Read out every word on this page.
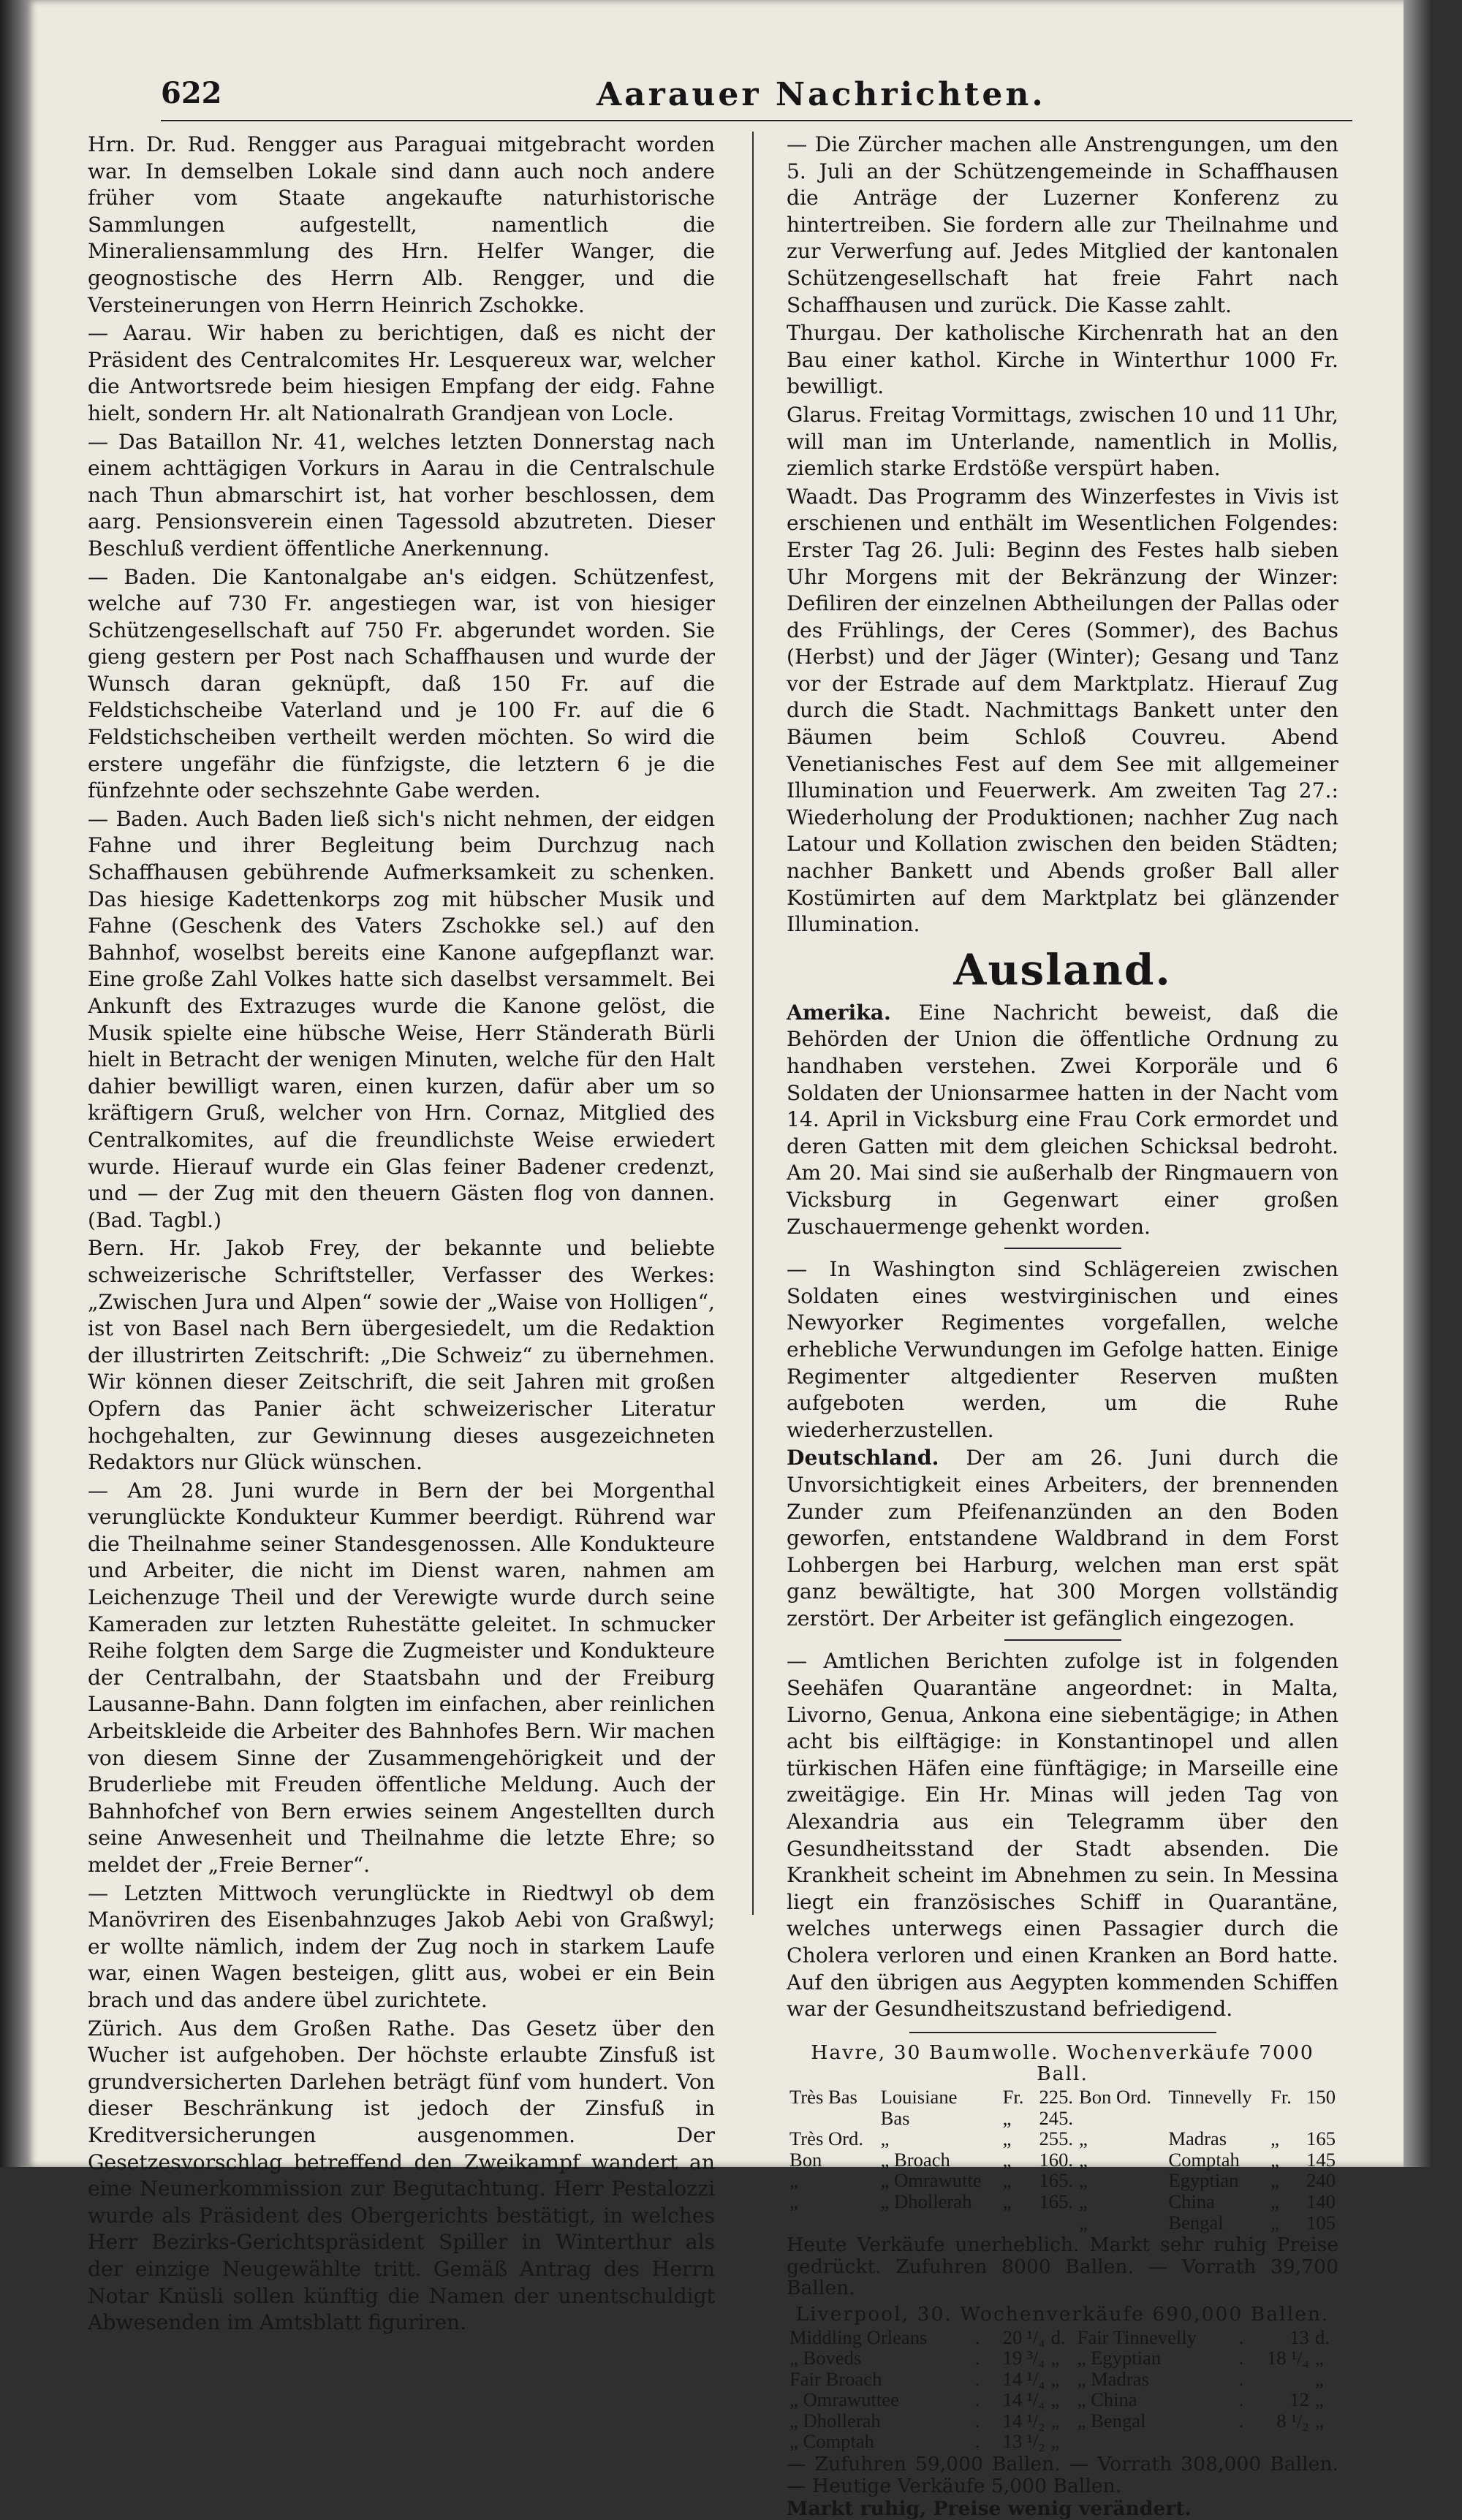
622	Aarauer Nachrichten.

Hrn. Dr. Rud. Rengger aus Paraguai mitgebracht worden war. In demselben Lokale sind dann auch noch andere früher vom Staate angekaufte naturhistorische Sammlungen aufgestellt, namentlich die Mineraliensammlung des Hrn. Helfer Wanger, die geognostische des Herrn Alb. Rengger, und die Versteinerungen von Herrn Heinrich Zschokke.

— Aarau. Wir haben zu berichtigen, daß es nicht der Präsident des Centralcomites Hr. Lesquereux war, welcher die Antwortsrede beim hiesigen Empfang der eidg. Fahne hielt, sondern Hr. alt Nationalrath Grandjean von Locle.

— Das Bataillon Nr. 41, welches letzten Donnerstag nach einem achttägigen Vorkurs in Aarau in die Centralschule nach Thun abmarschirt ist, hat vorher beschlossen, dem aarg. Pensionsverein einen Tagessold abzutreten. Dieser Beschluß verdient öffentliche Anerkennung.

— Baden. Die Kantonalgabe an's eidgen. Schützenfest, welche auf 730 Fr. angestiegen war, ist von hiesiger Schützengesellschaft auf 750 Fr. abgerundet worden. Sie gieng gestern per Post nach Schaffhausen und wurde der Wunsch daran geknüpft, daß 150 Fr. auf die Feldstichscheibe Vaterland und je 100 Fr. auf die 6 Feldstichscheiben vertheilt werden möchten. So wird die erstere ungefähr die fünfzigste, die letztern 6 je die fünfzehnte oder sechszehnte Gabe werden.

— Baden. Auch Baden ließ sich's nicht nehmen, der eidgen Fahne und ihrer Begleitung beim Durchzug nach Schaffhausen gebührende Aufmerksamkeit zu schenken. Das hiesige Kadettenkorps zog mit hübscher Musik und Fahne (Geschenk des Vaters Zschokke sel.) auf den Bahnhof, woselbst bereits eine Kanone aufgepflanzt war. Eine große Zahl Volkes hatte sich daselbst versammelt. Bei Ankunft des Extrazuges wurde die Kanone gelöst, die Musik spielte eine hübsche Weise, Herr Ständerath Bürli hielt in Betracht der wenigen Minuten, welche für den Halt dahier bewilligt waren, einen kurzen, dafür aber um so kräftigern Gruß, welcher von Hrn. Cornaz, Mitglied des Centralkomites, auf die freundlichste Weise erwiedert wurde. Hierauf wurde ein Glas feiner Badener credenzt, und — der Zug mit den theuern Gästen flog von dannen. (Bad. Tagbl.)

Bern. Hr. Jakob Frey, der bekannte und beliebte schweizerische Schriftsteller, Verfasser des Werkes: „Zwischen Jura und Alpen“ sowie der „Waise von Holligen“, ist von Basel nach Bern übergesiedelt, um die Redaktion der illustrirten Zeitschrift: „Die Schweiz“ zu übernehmen. Wir können dieser Zeitschrift, die seit Jahren mit großen Opfern das Panier ächt schweizerischer Literatur hochgehalten, zur Gewinnung dieses ausgezeichneten Redaktors nur Glück wünschen.

— Am 28. Juni wurde in Bern der bei Morgenthal verunglückte Kondukteur Kummer beerdigt. Rührend war die Theilnahme seiner Standesgenossen. Alle Kondukteure und Arbeiter, die nicht im Dienst waren, nahmen am Leichenzuge Theil und der Verewigte wurde durch seine Kameraden zur letzten Ruhestätte geleitet. In schmucker Reihe folgten dem Sarge die Zugmeister und Kondukteure der Centralbahn, der Staatsbahn und der Freiburg Lausanne-Bahn. Dann folgten im einfachen, aber reinlichen Arbeitskleide die Arbeiter des Bahnhofes Bern. Wir machen von diesem Sinne der Zusammengehörigkeit und der Bruderliebe mit Freuden öffentliche Meldung. Auch der Bahnhofchef von Bern erwies seinem Angestellten durch seine Anwesenheit und Theilnahme die letzte Ehre; so meldet der „Freie Berner“.

— Letzten Mittwoch verunglückte in Riedtwyl ob dem Manövriren des Eisenbahnzuges Jakob Aebi von Graßwyl; er wollte nämlich, indem der Zug noch in starkem Laufe war, einen Wagen besteigen, glitt aus, wobei er ein Bein brach und das andere übel zurichtete.

Zürich. Aus dem Großen Rathe. Das Gesetz über den Wucher ist aufgehoben. Der höchste erlaubte Zinsfuß ist grundversicherten Darlehen beträgt fünf vom hundert. Von dieser Beschränkung ist jedoch der Zinsfuß in Kreditversicherungen ausgenommen. Der Gesetzesvorschlag betreffend den Zweikampf wandert an eine Neunerkommission zur Begutachtung. Herr Pestalozzi wurde als Präsident des Obergerichts bestätigt, in welches Herr Bezirks-Gerichtspräsident Spiller in Winterthur als der einzige Neugewählte tritt. Gemäß Antrag des Herrn Notar Knüsli sollen künftig die Namen der unentschuldigt Abwesenden im Amtsblatt figuriren.

— Die Zürcher machen alle Anstrengungen, um den 5. Juli an der Schützengemeinde in Schaffhausen die Anträge der Luzerner Konferenz zu hintertreiben. Sie fordern alle zur Theilnahme und zur Verwerfung auf. Jedes Mitglied der kantonalen Schützengesellschaft hat freie Fahrt nach Schaffhausen und zurück. Die Kasse zahlt.

Thurgau. Der katholische Kirchenrath hat an den Bau einer kathol. Kirche in Winterthur 1000 Fr. bewilligt.

Glarus. Freitag Vormittags, zwischen 10 und 11 Uhr, will man im Unterlande, namentlich in Mollis, ziemlich starke Erdstöße verspürt haben.

Waadt. Das Programm des Winzerfestes in Vivis ist erschienen und enthält im Wesentlichen Folgendes: Erster Tag 26. Juli: Beginn des Festes halb sieben Uhr Morgens mit der Bekränzung der Winzer: Defiliren der einzelnen Abtheilungen der Pallas oder des Frühlings, der Ceres (Sommer), des Bachus (Herbst) und der Jäger (Winter); Gesang und Tanz vor der Estrade auf dem Marktplatz. Hierauf Zug durch die Stadt. Nachmittags Bankett unter den Bäumen beim Schloß Couvreu. Abend Venetianisches Fest auf dem See mit allgemeiner Illumination und Feuerwerk. Am zweiten Tag 27.: Wiederholung der Produktionen; nachher Zug nach Latour und Kollation zwischen den beiden Städten; nachher Bankett und Abends großer Ball aller Kostümirten auf dem Marktplatz bei glänzender Illumination.

Ausland.

Amerika. Eine Nachricht beweist, daß die Behörden der Union die öffentliche Ordnung zu handhaben verstehen. Zwei Korporäle und 6 Soldaten der Unionsarmee hatten in der Nacht vom 14. April in Vicksburg eine Frau Cork ermordet und deren Gatten mit dem gleichen Schicksal bedroht. Am 20. Mai sind sie außerhalb der Ringmauern von Vicksburg in Gegenwart einer großen Zuschauermenge gehenkt worden.

— In Washington sind Schlägereien zwischen Soldaten eines westvirginischen und eines Newyorker Regimentes vorgefallen, welche erhebliche Verwundungen im Gefolge hatten. Einige Regimenter altgedienter Reserven mußten aufgeboten werden, um die Ruhe wiederherzustellen.

Deutschland. Der am 26. Juni durch die Unvorsichtigkeit eines Arbeiters, der brennenden Zunder zum Pfeifenanzünden an den Boden geworfen, entstandene Waldbrand in dem Forst Lohbergen bei Harburg, welchen man erst spät ganz bewältigte, hat 300 Morgen vollständig zerstört. Der Arbeiter ist gefänglich eingezogen.

— Amtlichen Berichten zufolge ist in folgenden Seehäfen Quarantäne angeordnet: in Malta, Livorno, Genua, Ankona eine siebentägige; in Athen acht bis eilftägige: in Konstantinopel und allen türkischen Häfen eine fünftägige; in Marseille eine zweitägige. Ein Hr. Minas will jeden Tag von Alexandria aus ein Telegramm über den Gesundheitsstand der Stadt absenden. Die Krankheit scheint im Abnehmen zu sein. In Messina liegt ein französisches Schiff in Quarantäne, welches unterwegs einen Passagier durch die Cholera verloren und einen Kranken an Bord hatte. Auf den übrigen aus Aegypten kommenden Schiffen war der Gesundheitszustand befriedigend.

Havre, 30 Baumwolle. Wochenverkäufe 7000 Ball.
Très Bas	Louisiane	Fr.	225.	Bon Ord.	Tinnevelly	Fr.	150
	Bas	„	245.				
Très Ord.	„	„	255.	„	Madras	„	165
Bon	„ Broach	„	160.	„	Comptah	„	145
„	„ Omrawutte	„	165.	„	Egyptian	„	240
„	„ Dhollerah	„	165.	„	China	„	140
				„	Bengal	„	105
Heute Verkäufe unerheblich. Markt sehr ruhig Preise gedrückt. Zufuhren 8000 Ballen. — Vorrath 39,700 Ballen.
Liverpool, 30. Wochenverkäufe 690,000 Ballen.
Middling Orleans	.	20 ¹/₄	d.	Fair Tinnevelly	.	13	d.
„ Boveds	.	19 ³/₄	„	„ Egyptian	.	18 ¹/₄	„
Fair Broach	.	14 ¹/₄	„	„ Madras	.		„
„ Omrawuttee	.	14 ¹/₄	„	„ China	.	12	„
„ Dhollerah	.	14 ¹/₂	„	„ Bengal	.	8 ¹/₂	„
„ Comptah	.	13 ¹/₂	„				
— Zufuhren 59,000 Ballen. — Vorrath 308,000 Ballen. — Heutige Verkäufe 5,000 Ballen.
Markt ruhig, Preise wenig verändert.
